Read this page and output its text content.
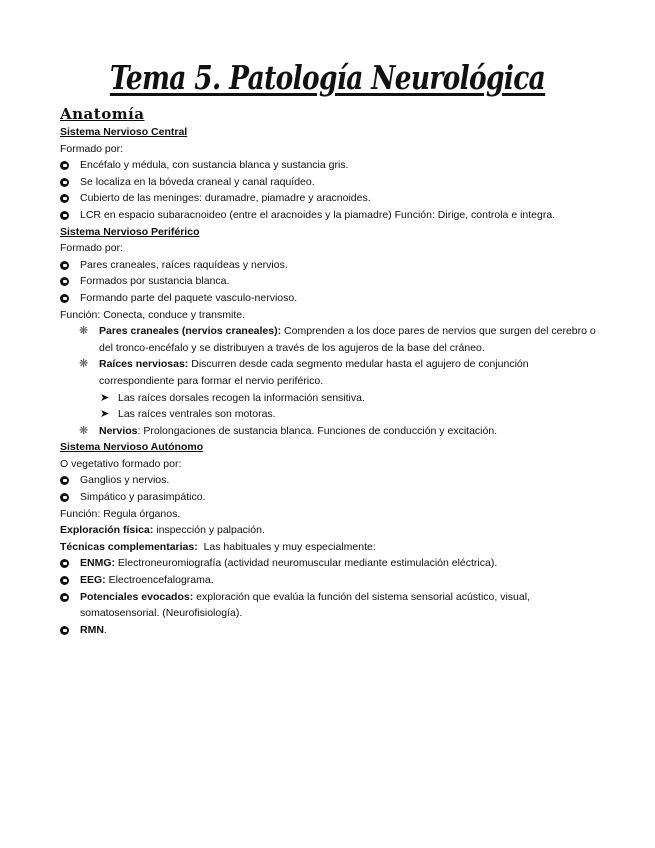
Tema 5. Patología Neurológica
Anatomía
Sistema Nervioso Central
Formado por:
Encéfalo y médula, con sustancia blanca y sustancia gris.
Se localiza en la bóveda craneal y canal raquídeo.
Cubierto de las meninges: duramadre, piamadre y aracnoides.
LCR en espacio subaracnoideo (entre el aracnoides y la piamadre) Función: Dirige, controla e integra.
Sistema Nervioso Periférico
Formado por:
Pares craneales, raíces raquídeas y nervios.
Formados por sustancia blanca.
Formando parte del paquete vasculo-nervioso.
Función: Conecta, conduce y transmite.
❋ Pares craneales (nervios craneales): Comprenden a los doce pares de nervios que surgen del cerebro o
del tronco-encéfalo y se distribuyen a través de los agujeros de la base del cráneo.
❋ Raíces nerviosas: Discurren desde cada segmento medular hasta el agujero de conjunción
correspondiente para formar el nervio periférico.
➤ Las raíces dorsales recogen la información sensitiva.
➤ Las raíces ventrales son motoras.
❋ Nervios: Prolongaciones de sustancia blanca. Funciones de conducción y excitación.
Sistema Nervioso Autónomo
O vegetativo formado por:
Ganglios y nervios.
Simpático y parasimpático.
Función: Regula órganos.
Exploración física: inspección y palpación.
Técnicas complementarias:  Las habituales y muy especialmente:
ENMG: Electroneuromiografía (actividad neuromuscular mediante estimulación eléctrica).
EEG: Electroencefalograma.
Potenciales evocados: exploración que evalúa la función del sistema sensorial acústico, visual,
somatosensorial. (Neurofisiología).
RMN.
